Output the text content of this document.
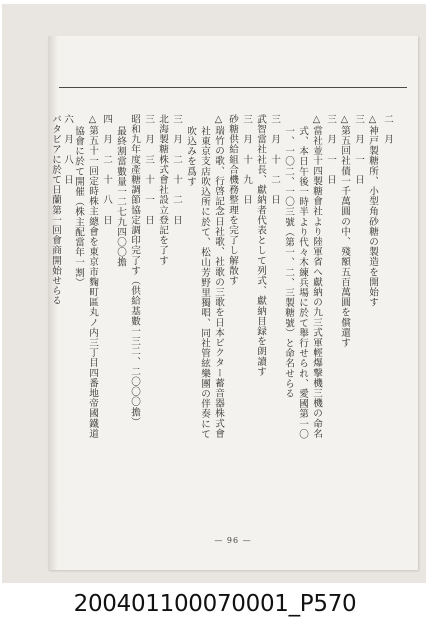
二　月
△神戸製糖所、小型角砂糖の製造を開始す
三　月　一　日
△第五回社債一千萬圓の中、殘額五百萬圓を償還す
三　月　一　日
△當社並十四製糖會社より陸軍省へ獻納の九三式軍輕爆撃機三機の命名
式、本日午後一時半より代々木練兵場に於て舉行せられ、愛國第一〇
一、一〇二、一〇三號（第一、二、三製糖號）と命名せらる
三　月　十　二　日
武智當社社長、獻納者代表として列式、獻納目録を朗讀す
三　月　十　九　日
砂糖供給組合機務整理を完了し解散す
△瑞竹の歌、行啓記念日社歌、社歌の三歌を日本ビクター蓄音器株式會
社東京支店吹込所に於て、松山芳野里獨唱、同社管絃樂團の伴奏にて
吹込みを爲す
三　月　二　十　二　日
北海製糖株式會社設立登記を了す
三　月　三　十　一　日
昭和九年度產糖調節協定調印完了す（供給基數一三二、二〇〇〇擔）
最終割當數量一二七九四〇〇擔
四　月　二　十　八　日
△第五十一回定時株主總會を東京市麴町區丸ノ内三丁目四番地帝國鐵道
協會に於て開催（株主配當年一割）
六　月　八　日
バタビアに於て日蘭第一回會商開始せらる
— 96 —
200401100070001_P570
